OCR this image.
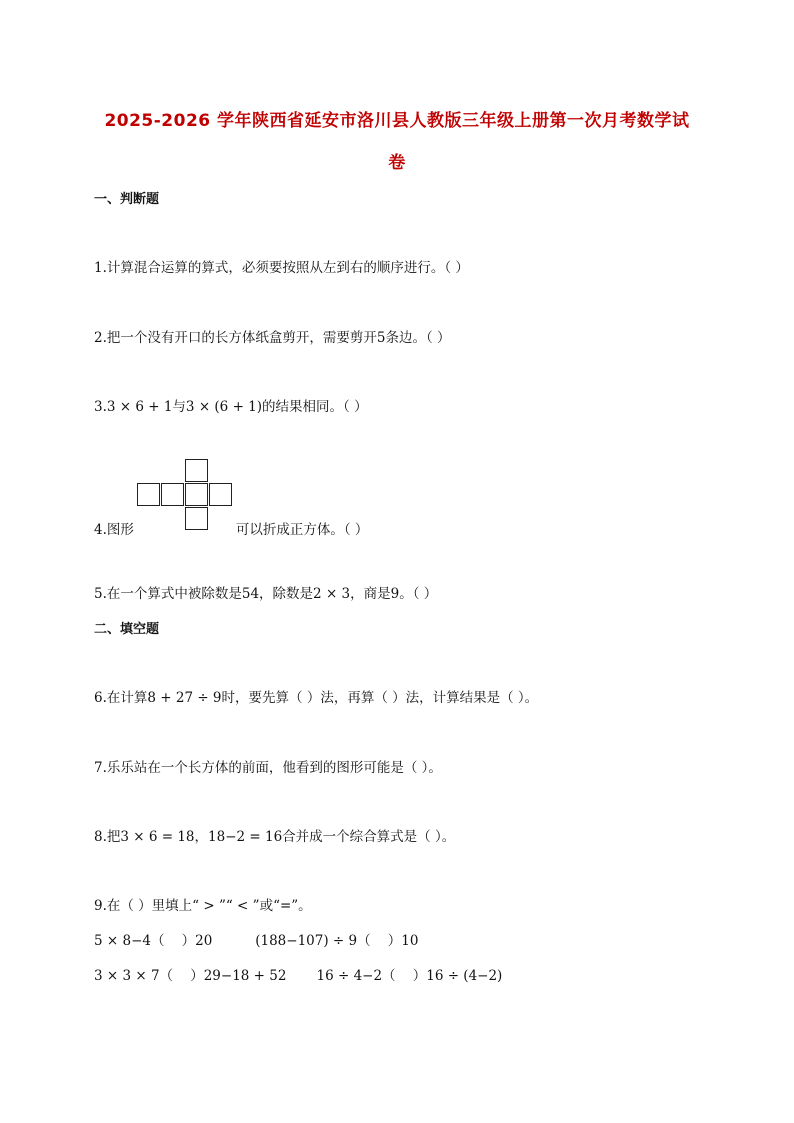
2025-2026 学年陕西省延安市洛川县人教版三年级上册第一次月考数学试
卷
一、判断题
1.计算混合运算的算式，必须要按照从左到右的顺序进行。（ ）
2.把一个没有开口的长方体纸盒剪开，需要剪开5条边。（ ）
3.3 × 6 + 1与3 × (6 + 1)的结果相同。（ ）
4.图形	可以折成正方体。（ ）
5.在一个算式中被除数是54，除数是2 × 3，商是9。（ ）
二、填空题
6.在计算8 + 27 ÷ 9时，要先算（ ）法，再算（ ）法，计算结果是（ ）。
7.乐乐站在一个长方体的前面，他看到的图形可能是（ ）。
8.把3 × 6 = 18，18−2 = 16合并成一个综合算式是（ ）。
9.在（ ）里填上“ > ”“ < ”或“=”。
5 × 8−4（    ）20          (188−107) ÷ 9（    ）10
3 × 3 × 7（    ）29−18 + 52       16 ÷ 4−2（    ）16 ÷ (4−2)
